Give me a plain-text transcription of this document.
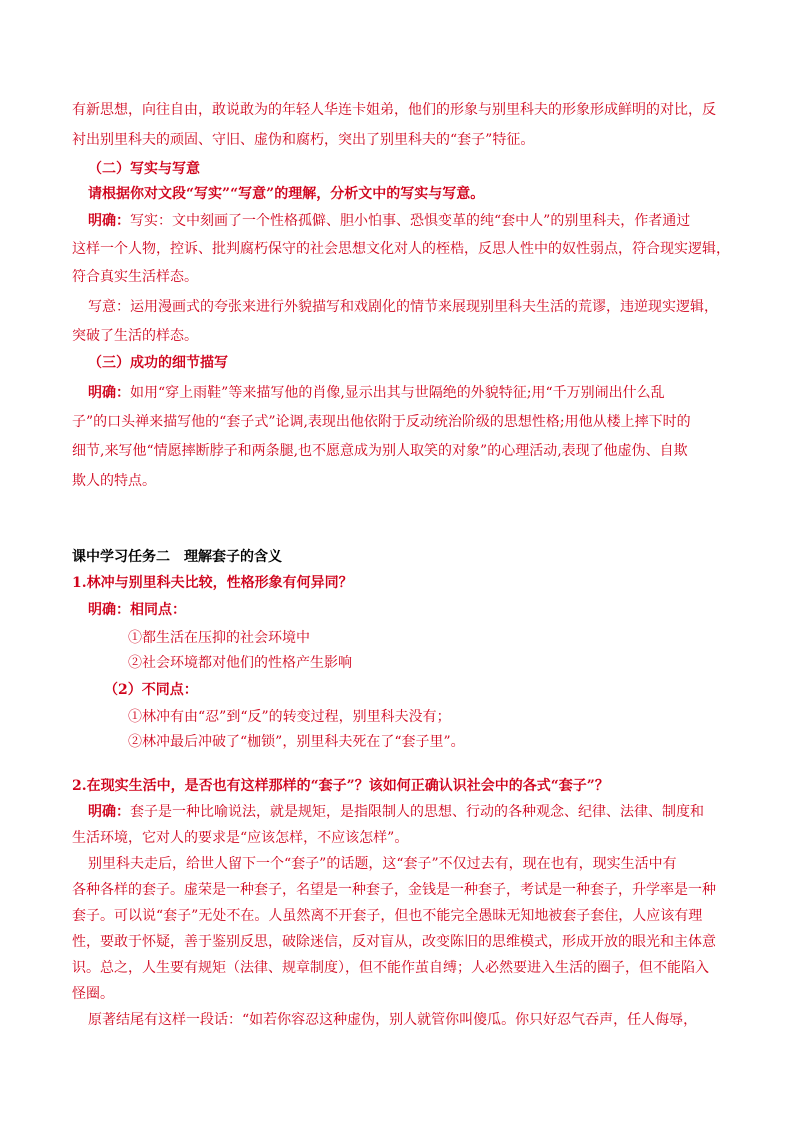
有新思想，向往自由，敢说敢为的年轻人华连卡姐弟，他们的形象与别里科夫的形象形成鲜明的对比，反
衬出别里科夫的顽固、守旧、虚伪和腐朽，突出了别里科夫的“套子”特征。
（二）写实与写意
请根据你对文段“写实”“写意”的理解，分析文中的写实与写意。
明确：写实：文中刻画了一个性格孤僻、胆小怕事、恐惧变革的纯“套中人”的别里科夫，作者通过
这样一个人物，控诉、批判腐朽保守的社会思想文化对人的桎梏，反思人性中的奴性弱点，符合现实逻辑，
符合真实生活样态。
写意：运用漫画式的夸张来进行外貌描写和戏剧化的情节来展现别里科夫生活的荒谬，违逆现实逻辑，
突破了生活的样态。
（三）成功的细节描写
明确：如用“穿上雨鞋”等来描写他的肖像,显示出其与世隔绝的外貌特征;用“千万别闹出什么乱
子”的口头禅来描写他的“套子式”论调,表现出他依附于反动统治阶级的思想性格;用他从楼上摔下时的
细节,来写他“情愿摔断脖子和两条腿,也不愿意成为别人取笑的对象”的心理活动,表现了他虚伪、自欺
欺人的特点。
课中学习任务二　理解套子的含义
1.林冲与别里科夫比较，性格形象有何异同？
明确：相同点：
①都生活在压抑的社会环境中
②社会环境都对他们的性格产生影响
（2）不同点：
①林冲有由“忍”到“反”的转变过程，别里科夫没有；
②林冲最后冲破了“枷锁”，别里科夫死在了“套子里”。
2.在现实生活中，是否也有这样那样的“套子”？该如何正确认识社会中的各式“套子”？
明确：套子是一种比喻说法，就是规矩，是指限制人的思想、行动的各种观念、纪律、法律、制度和
生活环境，它对人的要求是“应该怎样，不应该怎样”。
别里科夫走后，给世人留下一个“套子”的话题，这“套子”不仅过去有，现在也有，现实生活中有
各种各样的套子。虚荣是一种套子，名望是一种套子，金钱是一种套子，考试是一种套子，升学率是一种
套子。可以说“套子”无处不在。人虽然离不开套子，但也不能完全愚昧无知地被套子套住，人应该有理
性，要敢于怀疑，善于鉴别反思，破除迷信，反对盲从，改变陈旧的思维模式，形成开放的眼光和主体意
识。总之，人生要有规矩（法律、规章制度），但不能作茧自缚；人必然要进入生活的圈子，但不能陷入
怪圈。
原著结尾有这样一段话：“如若你容忍这种虚伪，别人就管你叫傻瓜。你只好忍气吞声，任人侮辱，
